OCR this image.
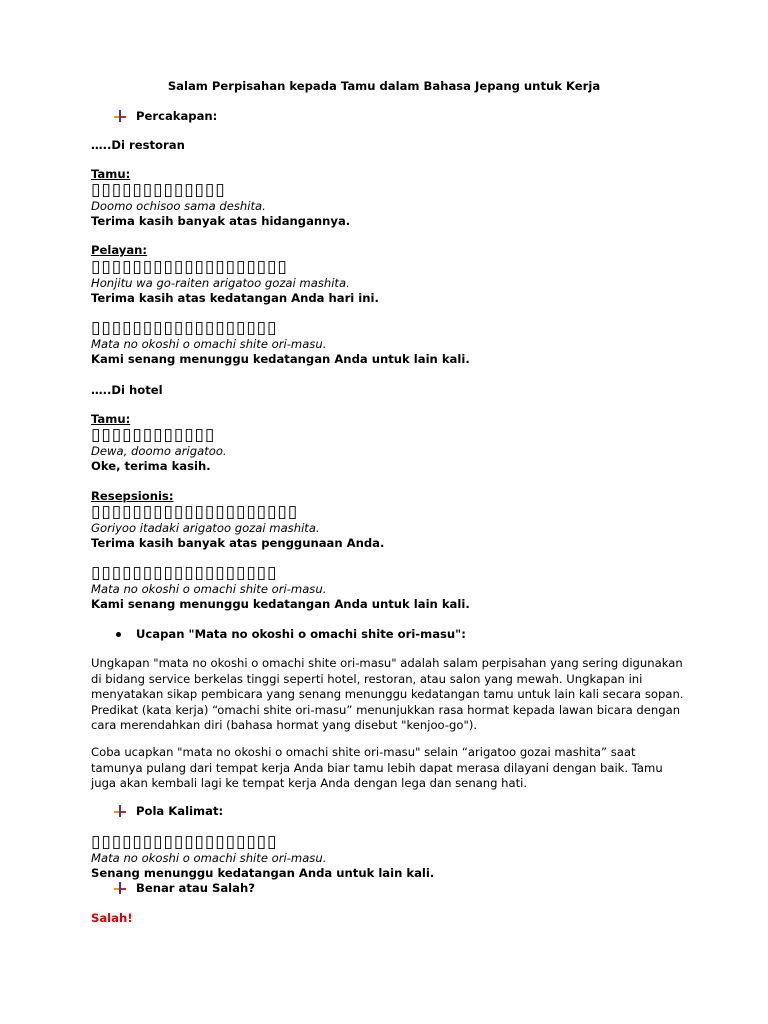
Salam Perpisahan kepada Tamu dalam Bahasa Jepang untuk Kerja
Percakapan:
…..Di restoran
Tamu:
▯▯▯▯▯▯▯▯▯▯▯▯▯
Doomo ochisoo sama deshita.
Terima kasih banyak atas hidangannya.
Pelayan:
▯▯▯▯▯▯▯▯▯▯▯▯▯▯▯▯▯▯▯
Honjitu wa go-raiten arigatoo gozai mashita.
Terima kasih atas kedatangan Anda hari ini.
▯▯▯▯▯▯▯▯▯▯▯▯▯▯▯▯▯▯
Mata no okoshi o omachi shite ori-masu.
Kami senang menunggu kedatangan Anda untuk lain kali.
…..Di hotel
Tamu:
▯▯▯▯▯▯▯▯▯▯▯▯
Dewa, doomo arigatoo.
Oke, terima kasih.
Resepsionis:
▯▯▯▯▯▯▯▯▯▯▯▯▯▯▯▯▯▯▯▯
Goriyoo itadaki arigatoo gozai mashita.
Terima kasih banyak atas penggunaan Anda.
▯▯▯▯▯▯▯▯▯▯▯▯▯▯▯▯▯▯
Mata no okoshi o omachi shite ori-masu.
Kami senang menunggu kedatangan Anda untuk lain kali.
Ucapan "Mata no okoshi o omachi shite ori-masu":
Ungkapan "mata no okoshi o omachi shite ori-masu" adalah salam perpisahan yang sering digunakan di bidang service berkelas tinggi seperti hotel, restoran, atau salon yang mewah. Ungkapan ini menyatakan sikap pembicara yang senang menunggu kedatangan tamu untuk lain kali secara sopan. Predikat (kata kerja) “omachi shite ori-masu” menunjukkan rasa hormat kepada lawan bicara dengan cara merendahkan diri (bahasa hormat yang disebut "kenjoo-go").
Coba ucapkan "mata no okoshi o omachi shite ori-masu" selain “arigatoo gozai mashita” saat tamunya pulang dari tempat kerja Anda biar tamu lebih dapat merasa dilayani dengan baik. Tamu juga akan kembali lagi ke tempat kerja Anda dengan lega dan senang hati.
Pola Kalimat:
▯▯▯▯▯▯▯▯▯▯▯▯▯▯▯▯▯▯
Mata no okoshi o omachi shite ori-masu.
Senang menunggu kedatangan Anda untuk lain kali.
Benar atau Salah?
Salah!
